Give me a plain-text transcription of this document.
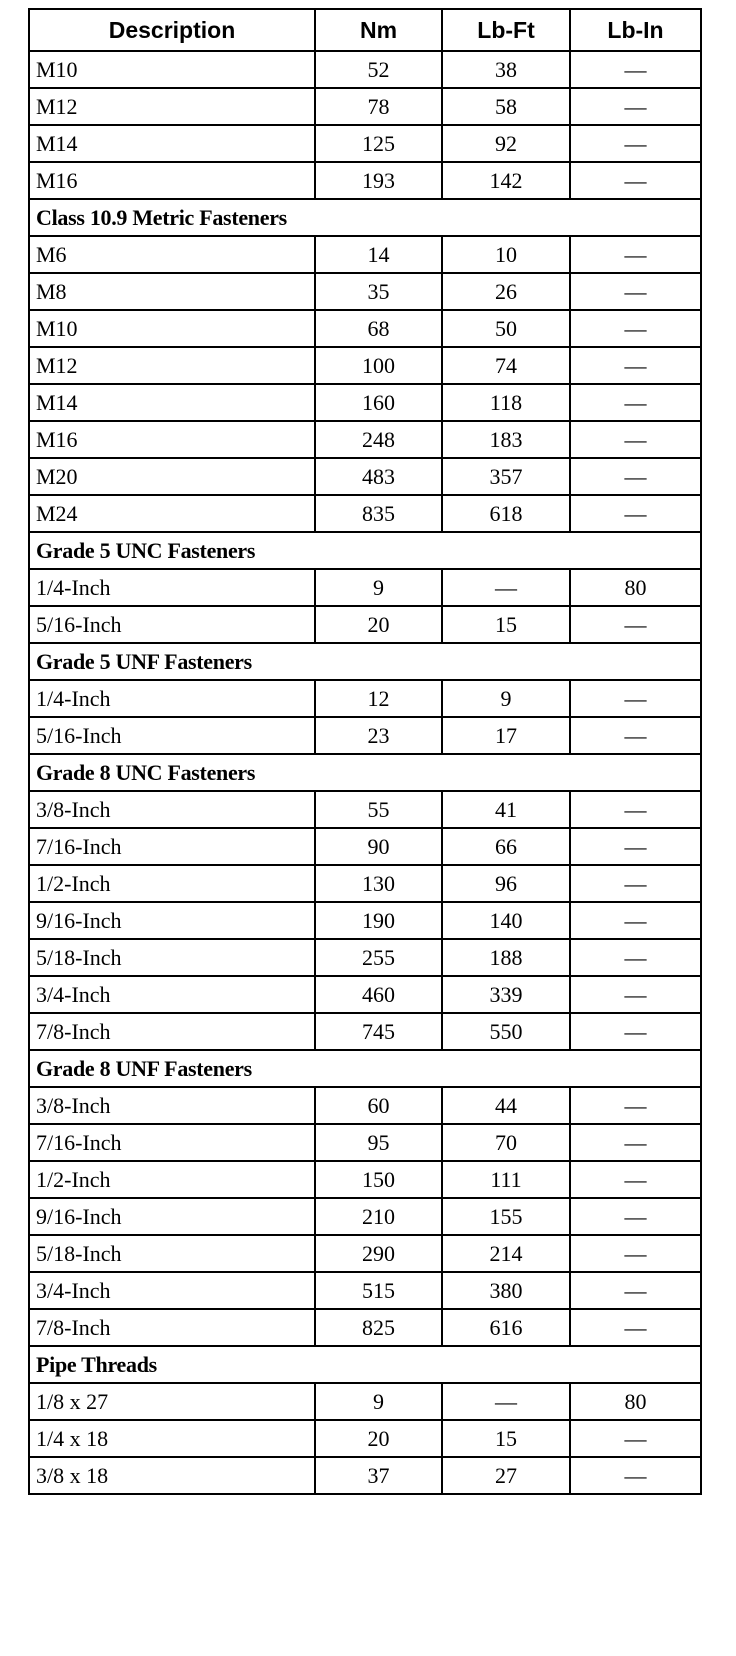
Description	Nm	Lb-Ft	Lb-In
M10	52	38	—
M12	78	58	—
M14	125	92	—
M16	193	142	—
Class 10.9 Metric Fasteners			
M6	14	10	—
M8	35	26	—
M10	68	50	—
M12	100	74	—
M14	160	118	—
M16	248	183	—
M20	483	357	—
M24	835	618	—
Grade 5 UNC Fasteners			
1/4-Inch	9	—	80
5/16-Inch	20	15	—
Grade 5 UNF Fasteners			
1/4-Inch	12	9	—
5/16-Inch	23	17	—
Grade 8 UNC Fasteners			
3/8-Inch	55	41	—
7/16-Inch	90	66	—
1/2-Inch	130	96	—
9/16-Inch	190	140	—
5/18-Inch	255	188	—
3/4-Inch	460	339	—
7/8-Inch	745	550	—
Grade 8 UNF Fasteners			
3/8-Inch	60	44	—
7/16-Inch	95	70	—
1/2-Inch	150	111	—
9/16-Inch	210	155	—
5/18-Inch	290	214	—
3/4-Inch	515	380	—
7/8-Inch	825	616	—
Pipe Threads			
1/8 x 27	9	—	80
1/4 x 18	20	15	—
3/8 x 18	37	27	—
